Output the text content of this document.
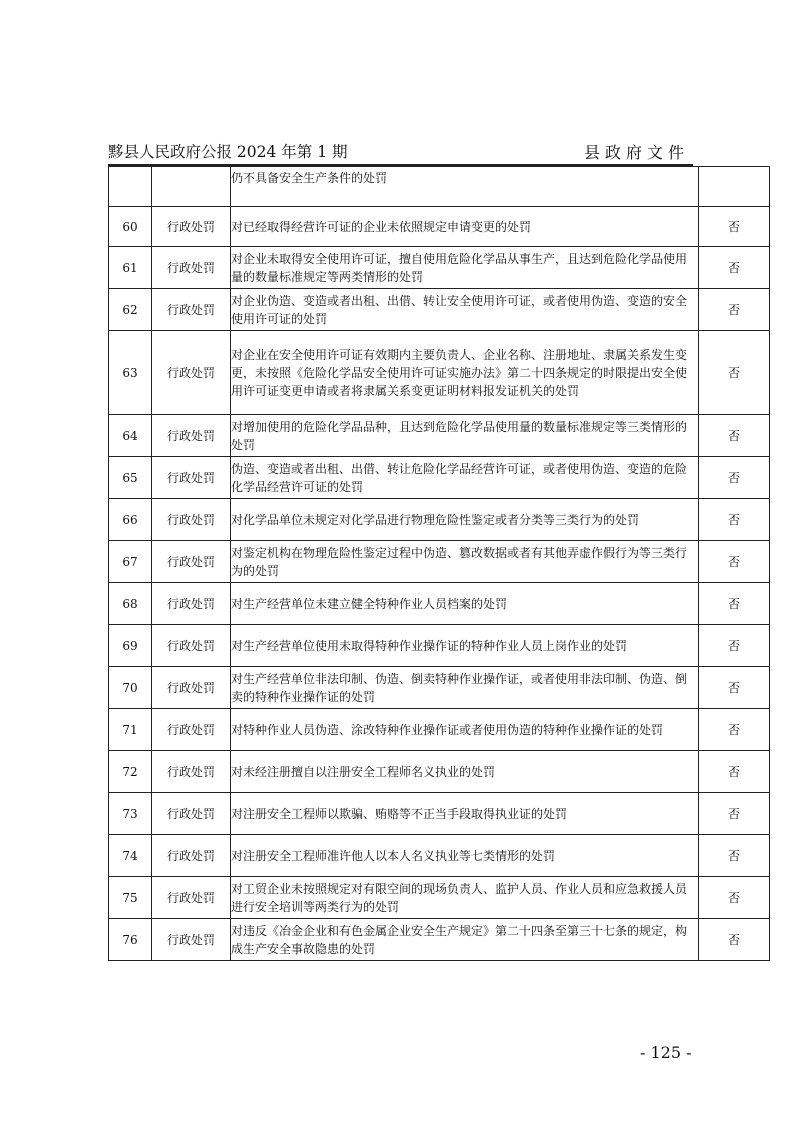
黟县人民政府公报 2024 年第 1 期	县政府文件
		仍不具备安全生产条件的处罚	
60	行政处罚	对已经取得经营许可证的企业未依照规定申请变更的处罚	否
61	行政处罚	对企业未取得安全使用许可证，擅自使用危险化学品从事生产，且达到危险化学品使用量的数量标准规定等两类情形的处罚	否
62	行政处罚	对企业伪造、变造或者出租、出借、转让安全使用许可证，或者使用伪造、变造的安全使用许可证的处罚	否
63	行政处罚	对企业在安全使用许可证有效期内主要负责人、企业名称、注册地址、隶属关系发生变更，未按照《危险化学品安全使用许可证实施办法》第二十四条规定的时限提出安全使用许可证变更申请或者将隶属关系变更证明材料报发证机关的处罚	否
64	行政处罚	对增加使用的危险化学品品种，且达到危险化学品使用量的数量标准规定等三类情形的处罚	否
65	行政处罚	伪造、变造或者出租、出借、转让危险化学品经营许可证，或者使用伪造、变造的危险化学品经营许可证的处罚	否
66	行政处罚	对化学品单位未规定对化学品进行物理危险性鉴定或者分类等三类行为的处罚	否
67	行政处罚	对鉴定机构在物理危险性鉴定过程中伪造、篡改数据或者有其他弄虚作假行为等三类行为的处罚	否
68	行政处罚	对生产经营单位未建立健全特种作业人员档案的处罚	否
69	行政处罚	对生产经营单位使用未取得特种作业操作证的特种作业人员上岗作业的处罚	否
70	行政处罚	对生产经营单位非法印制、伪造、倒卖特种作业操作证，或者使用非法印制、伪造、倒卖的特种作业操作证的处罚	否
71	行政处罚	对特种作业人员伪造、涂改特种作业操作证或者使用伪造的特种作业操作证的处罚	否
72	行政处罚	对未经注册擅自以注册安全工程师名义执业的处罚	否
73	行政处罚	对注册安全工程师以欺骗、贿赂等不正当手段取得执业证的处罚	否
74	行政处罚	对注册安全工程师准许他人以本人名义执业等七类情形的处罚	否
75	行政处罚	对工贸企业未按照规定对有限空间的现场负责人、监护人员、作业人员和应急救援人员进行安全培训等两类行为的处罚	否
76	行政处罚	对违反《冶金企业和有色金属企业安全生产规定》第二十四条至第三十七条的规定，构成生产安全事故隐患的处罚	否
- 125 -
